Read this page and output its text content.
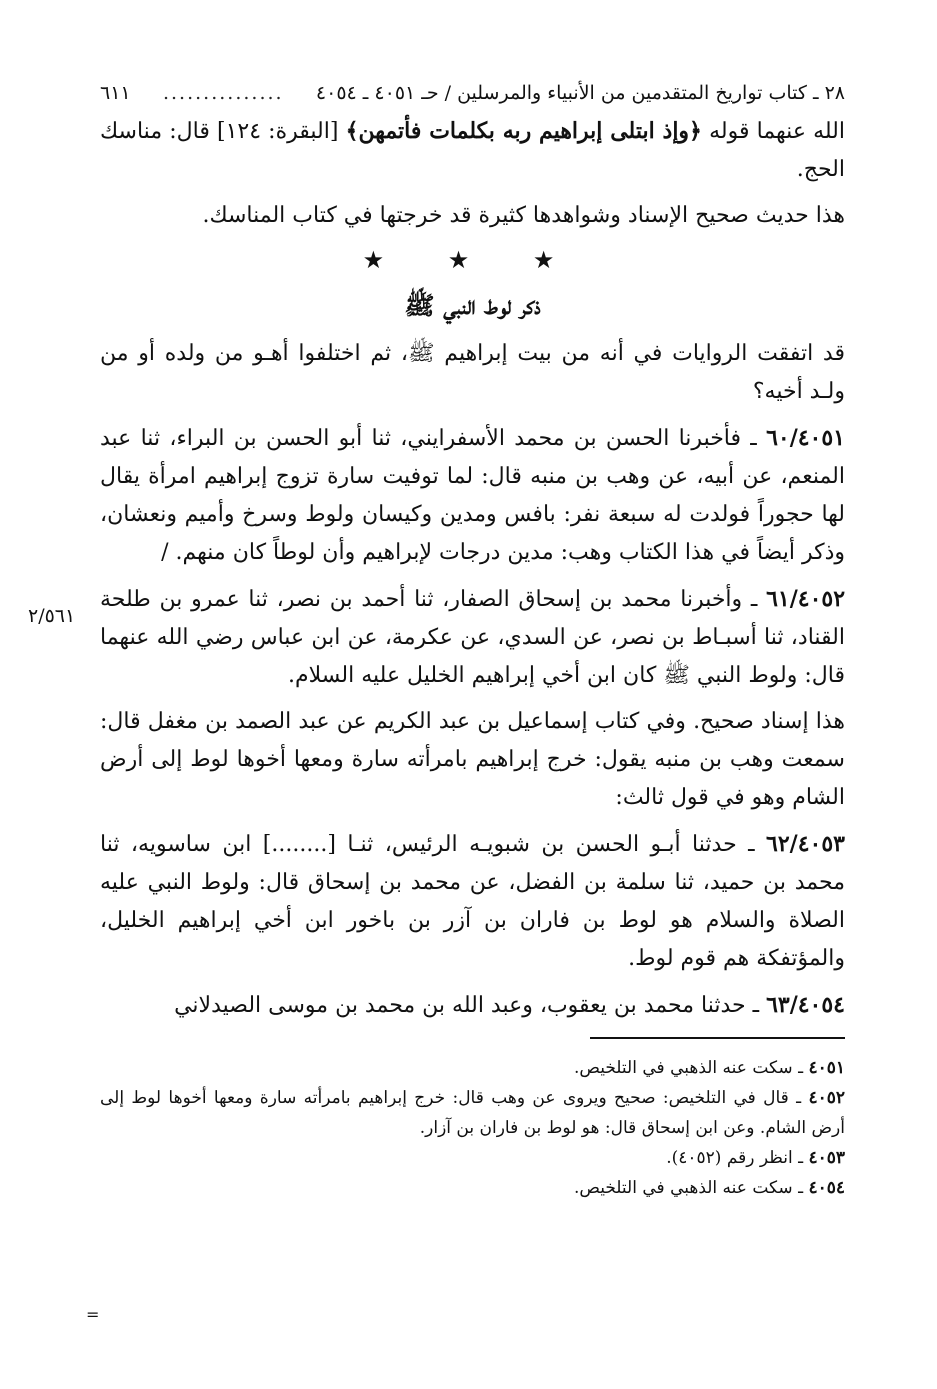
٢٨ ـ كتاب تواريخ المتقدمين من الأنبياء والمرسلين / حـ ٤٠٥١ ـ ٤٠٥٤
...............
٦١١

الله عنهما قوله ﴿وإذ ابتلى إبراهيم ربه بكلمات فأتمهن﴾ [البقرة: ١٢٤] قال: مناسك الحج.

هذا حديث صحيح الإسناد وشواهدها كثيرة قد خرجتها في كتاب المناسك.

★ ★ ★
ذكر لوط النبي ﷺ

قد اتفقت الروايات في أنه من بيت إبراهيم ﷺ، ثم اختلفوا أهـو من ولده أو من ولـد أخيه؟

٦٠/٤٠٥١ ـ فأخبرنا الحسن بن محمد الأسفرايني، ثنا أبو الحسن بن البراء، ثنا عبد المنعم، عن أبيه، عن وهب بن منبه قال: لما توفيت سارة تزوج إبراهيم امرأة يقال لها حجوراً فولدت له سبعة نفر: بافس ومدين وكيسان ولوط وسرخ وأميم ونعشان، وذكر أيضاً في هذا الكتاب وهب: مدين درجات لإبراهيم وأن لوطاً كان منهم. /

٦١/٤٠٥٢ ـ وأخبرنا محمد بن إسحاق الصفار، ثنا أحمد بن نصر، ثنا عمرو بن طلحة القناد، ثنا أسبـاط بن نصر، عن السدي، عن عكرمة، عن ابن عباس رضي الله عنهما قال: ولوط النبي ﷺ كان ابن أخي إبراهيم الخليل عليه السلام.

هذا إسناد صحيح. وفي كتاب إسماعيل بن عبد الكريم عن عبد الصمد بن مغفل قال: سمعت وهب بن منبه يقول: خرج إبراهيم بامرأته سارة ومعها أخوها لوط إلى أرض الشام وهو في قول ثالث:

٦٢/٤٠٥٣ ـ حدثنا أبـو الحسن بن شبويـه الرئيس، ثنـا [........] ابن ساسويه، ثنا محمد بن حميد، ثنا سلمة بن الفضل، عن محمد بن إسحاق قال: ولوط النبي عليه الصلاة والسلام هو لوط بن فاران بن آزر بن باخور ابن أخي إبراهيم الخليل، والمؤتفكة هم قوم لوط.

٦٣/٤٠٥٤ ـ حدثنا محمد بن يعقوب، وعبد الله بن محمد بن موسى الصيدلاني

٤٠٥١ ـ سكت عنه الذهبي في التلخيص.

٤٠٥٢ ـ قال في التلخيص: صحيح ويروى عن وهب قال: خرج إبراهيم بامرأته سارة ومعها أخوها لوط إلى أرض الشام. وعن ابن إسحاق قال: هو لوط بن فاران بن آزار.

٤٠٥٣ ـ انظر رقم (٤٠٥٢).

٤٠٥٤ ـ سكت عنه الذهبي في التلخيص.

٢/٥٦١
=
